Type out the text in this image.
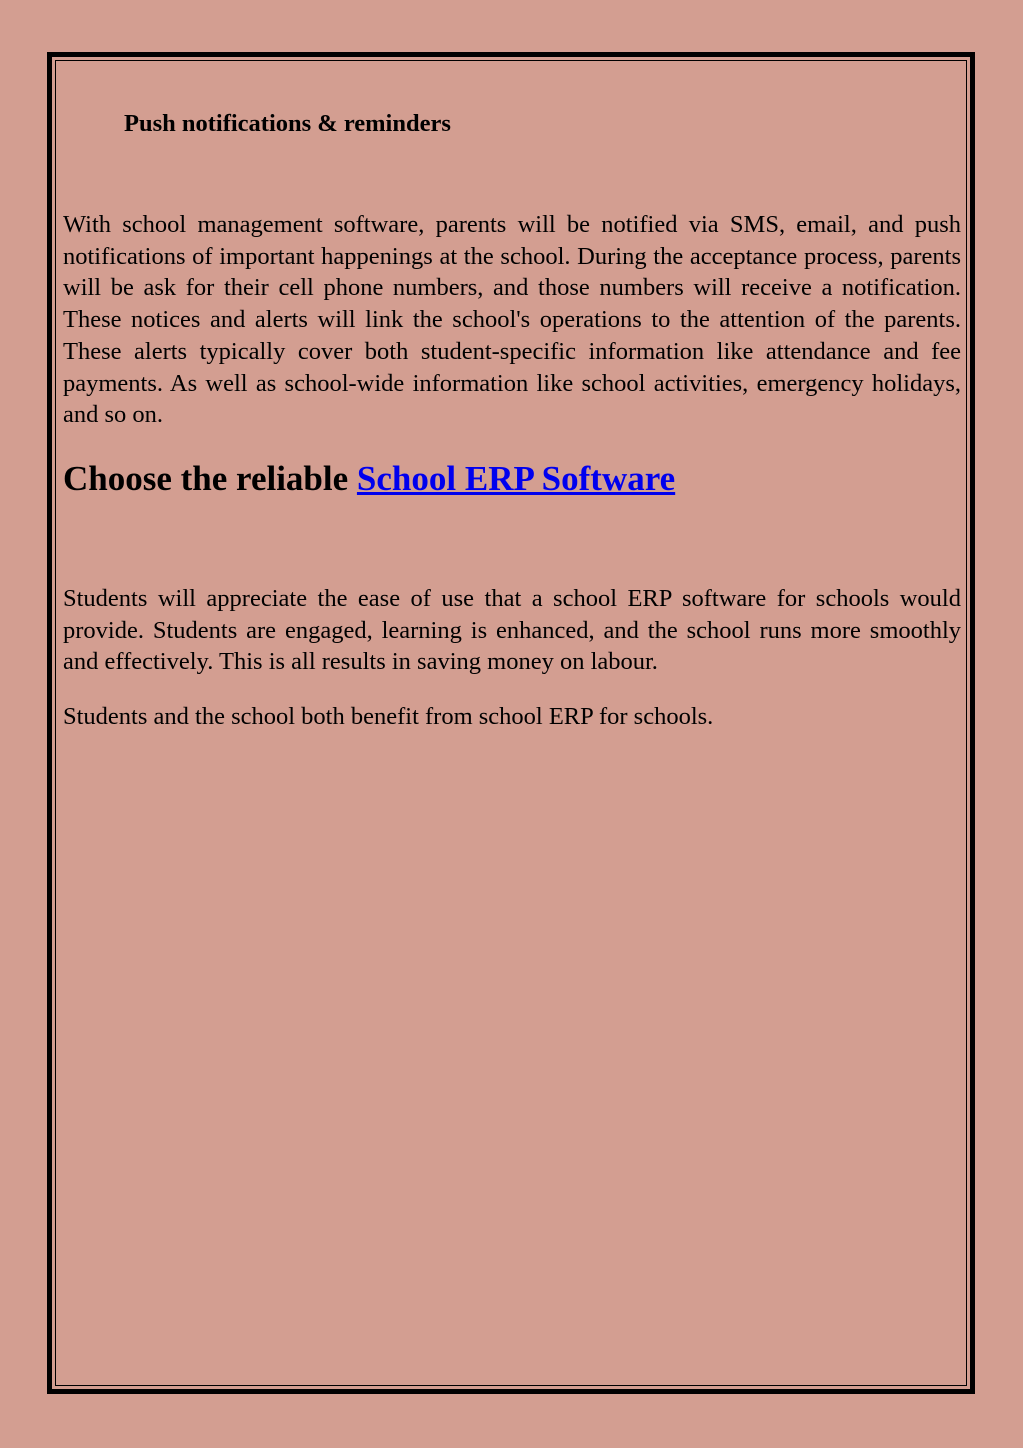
Push notifications & reminders

With school management software, parents will be notified via SMS, email, and push notifications of important happenings at the school. During the acceptance process, parents will be ask for their cell phone numbers, and those numbers will receive a notification. These notices and alerts will link the school's operations to the attention of the parents. These alerts typically cover both student-specific information like attendance and fee payments. As well as school-wide information like school activities, emergency holidays, and so on.

Choose the reliable School ERP Software

Students will appreciate the ease of use that a school ERP software for schools would provide. Students are engaged, learning is enhanced, and the school runs more smoothly and effectively. This is all results in saving money on labour.

Students and the school both benefit from school ERP for schools.
